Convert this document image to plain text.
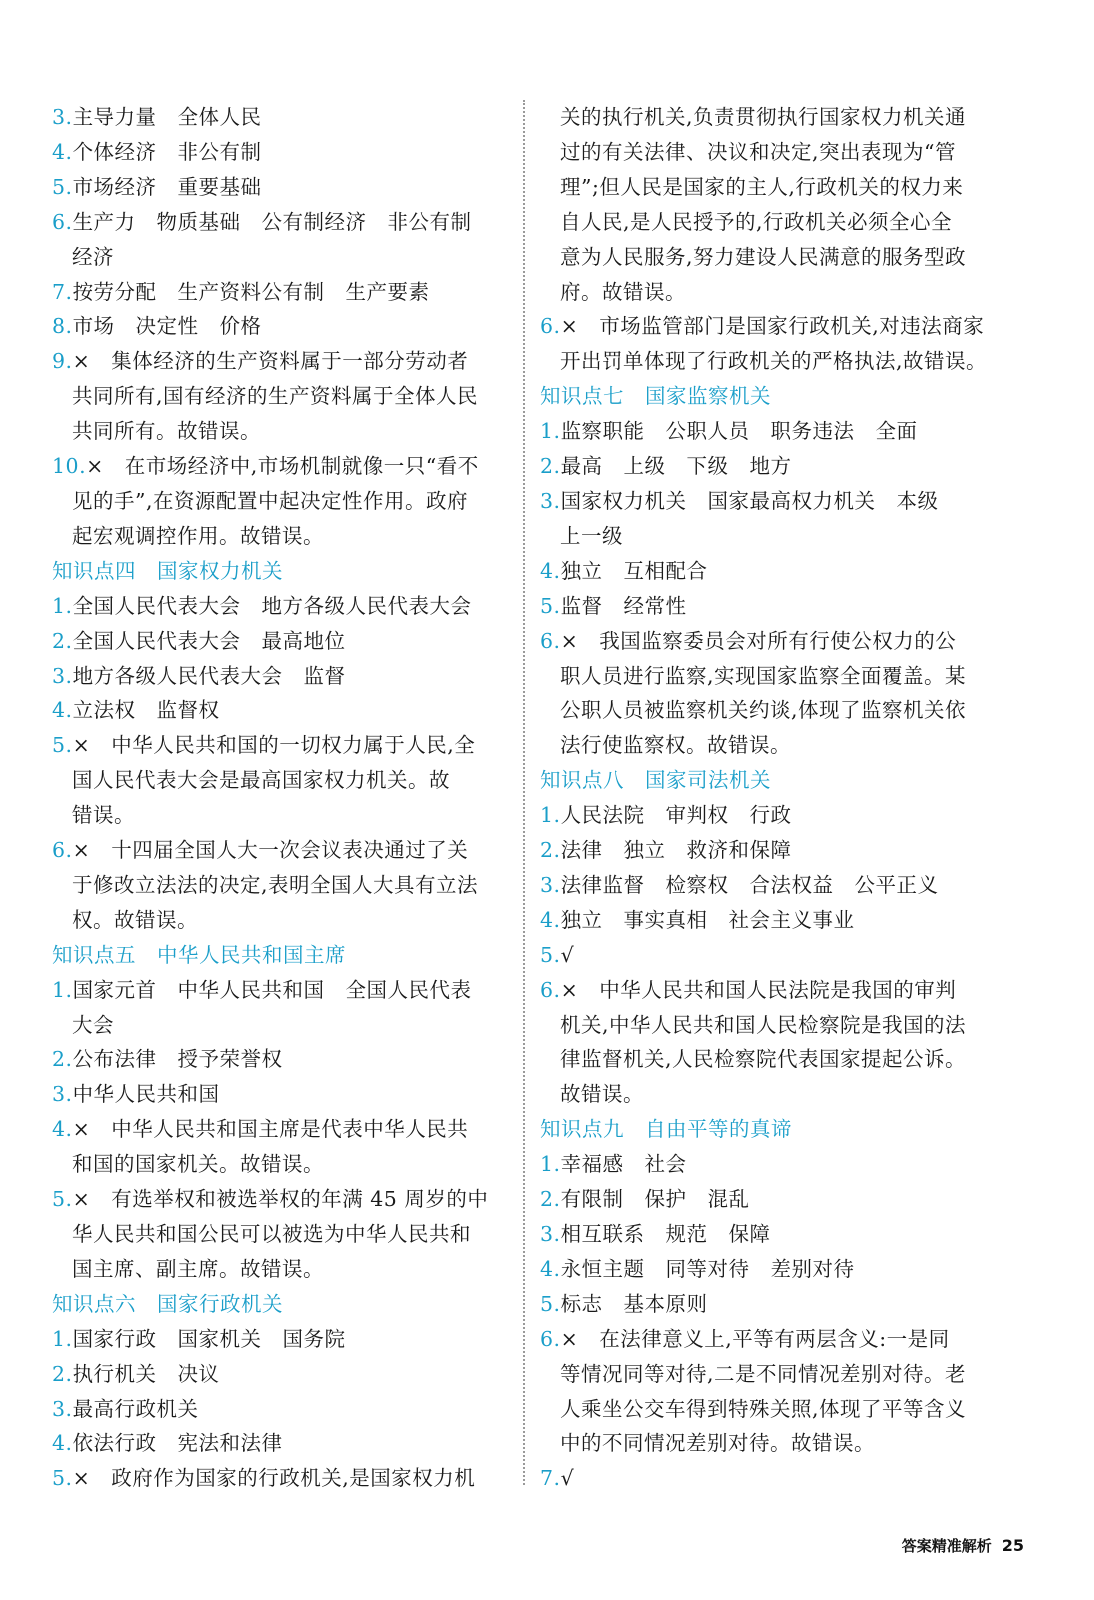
3.主导力量　全体人民
4.个体经济　非公有制
5.市场经济　重要基础
6.生产力　物质基础　公有制经济　非公有制
经济
7.按劳分配　生产资料公有制　生产要素
8.市场　决定性　价格
9.×　集体经济的生产资料属于一部分劳动者
共同所有,国有经济的生产资料属于全体人民
共同所有。故错误。
10.×　在市场经济中,市场机制就像一只“看不
见的手”,在资源配置中起决定性作用。政府
起宏观调控作用。故错误。
知识点四　国家权力机关
1.全国人民代表大会　地方各级人民代表大会
2.全国人民代表大会　最高地位
3.地方各级人民代表大会　监督
4.立法权　监督权
5.×　中华人民共和国的一切权力属于人民,全
国人民代表大会是最高国家权力机关。故
错误。
6.×　十四届全国人大一次会议表决通过了关
于修改立法法的决定,表明全国人大具有立法
权。故错误。
知识点五　中华人民共和国主席
1.国家元首　中华人民共和国　全国人民代表
大会
2.公布法律　授予荣誉权
3.中华人民共和国
4.×　中华人民共和国主席是代表中华人民共
和国的国家机关。故错误。
5.×　有选举权和被选举权的年满 45 周岁的中
华人民共和国公民可以被选为中华人民共和
国主席、副主席。故错误。
知识点六　国家行政机关
1.国家行政　国家机关　国务院
2.执行机关　决议
3.最高行政机关
4.依法行政　宪法和法律
5.×　政府作为国家的行政机关,是国家权力机
关的执行机关,负责贯彻执行国家权力机关通
过的有关法律、决议和决定,突出表现为“管
理”;但人民是国家的主人,行政机关的权力来
自人民,是人民授予的,行政机关必须全心全
意为人民服务,努力建设人民满意的服务型政
府。故错误。
6.×　市场监管部门是国家行政机关,对违法商家
开出罚单体现了行政机关的严格执法,故错误。
知识点七　国家监察机关
1.监察职能　公职人员　职务违法　全面
2.最高　上级　下级　地方
3.国家权力机关　国家最高权力机关　本级
上一级
4.独立　互相配合
5.监督　经常性
6.×　我国监察委员会对所有行使公权力的公
职人员进行监察,实现国家监察全面覆盖。某
公职人员被监察机关约谈,体现了监察机关依
法行使监察权。故错误。
知识点八　国家司法机关
1.人民法院　审判权　行政
2.法律　独立　救济和保障
3.法律监督　检察权　合法权益　公平正义
4.独立　事实真相　社会主义事业
5.√
6.×　中华人民共和国人民法院是我国的审判
机关,中华人民共和国人民检察院是我国的法
律监督机关,人民检察院代表国家提起公诉。
故错误。
知识点九　自由平等的真谛
1.幸福感　社会
2.有限制　保护　混乱
3.相互联系　规范　保障
4.永恒主题　同等对待　差别对待
5.标志　基本原则
6.×　在法律意义上,平等有两层含义:一是同
等情况同等对待,二是不同情况差别对待。老
人乘坐公交车得到特殊关照,体现了平等含义
中的不同情况差别对待。故错误。
7.√
答案精准解析 25
